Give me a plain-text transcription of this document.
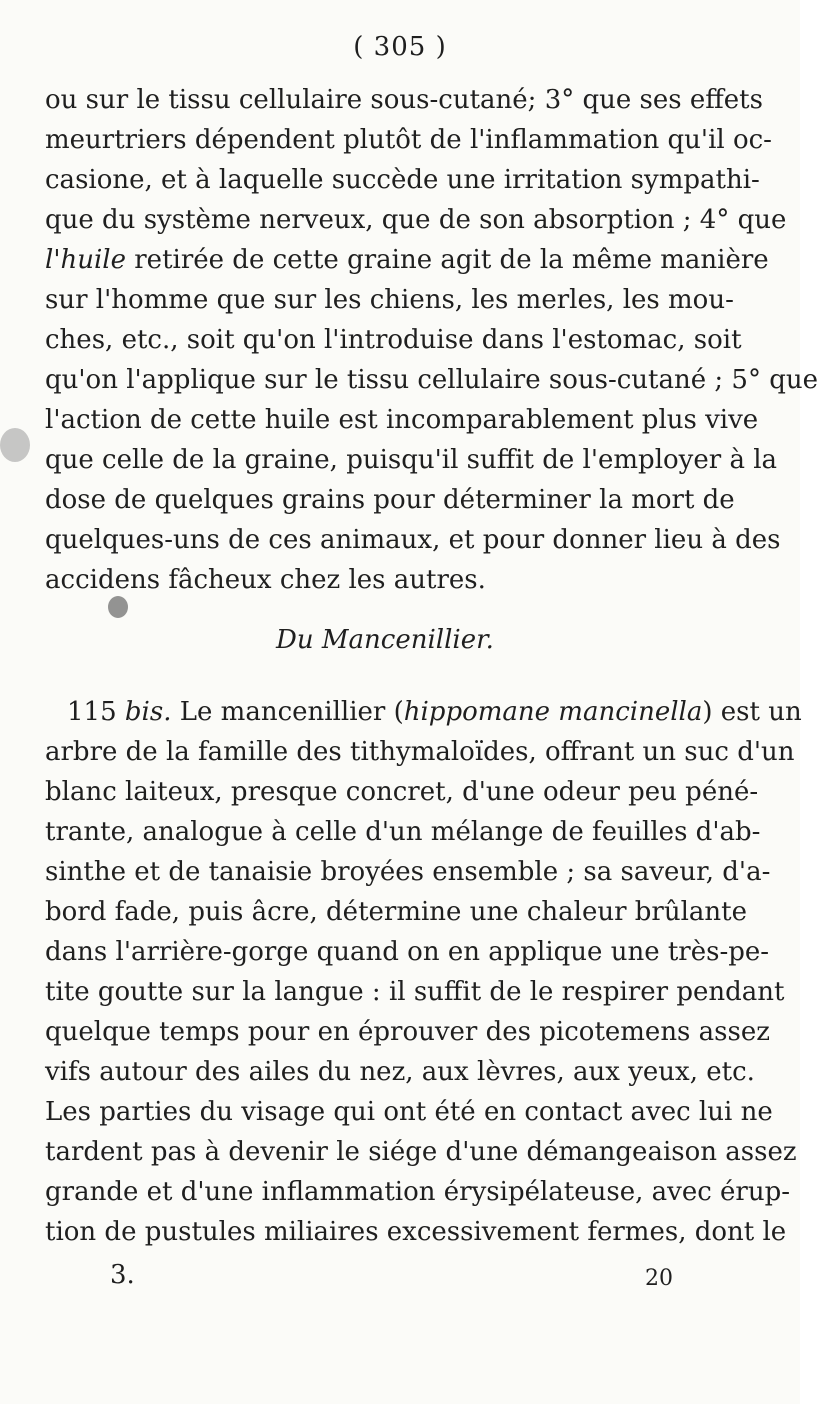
( 305 )
ou sur le tissu cellulaire sous-cutané; 3° que ses effets
meurtriers dépendent plutôt de l'inflammation qu'il oc-
casione, et à laquelle succède une irritation sympathi-
que du système nerveux, que de son absorption ; 4° que
l'huile retirée de cette graine agit de la même manière
sur l'homme que sur les chiens, les merles, les mou-
ches, etc., soit qu'on l'introduise dans l'estomac, soit
qu'on l'applique sur le tissu cellulaire sous-cutané ; 5° que
l'action de cette huile est incomparablement plus vive
que celle de la graine, puisqu'il suffit de l'employer à la
dose de quelques grains pour déterminer la mort de
quelques-uns de ces animaux, et pour donner lieu à des
accidens fâcheux chez les autres.
Du Mancenillier.
115 bis. Le mancenillier (hippomane mancinella) est un
arbre de la famille des tithymaloïdes, offrant un suc d'un
blanc laiteux, presque concret, d'une odeur peu péné-
trante, analogue à celle d'un mélange de feuilles d'ab-
sinthe et de tanaisie broyées ensemble ; sa saveur, d'a-
bord fade, puis âcre, détermine une chaleur brûlante
dans l'arrière-gorge quand on en applique une très-pe-
tite goutte sur la langue : il suffit de le respirer pendant
quelque temps pour en éprouver des picotemens assez
vifs autour des ailes du nez, aux lèvres, aux yeux, etc.
Les parties du visage qui ont été en contact avec lui ne
tardent pas à devenir le siége d'une démangeaison assez
grande et d'une inflammation érysipélateuse, avec érup-
tion de pustules miliaires excessivement fermes, dont le
3.	20
